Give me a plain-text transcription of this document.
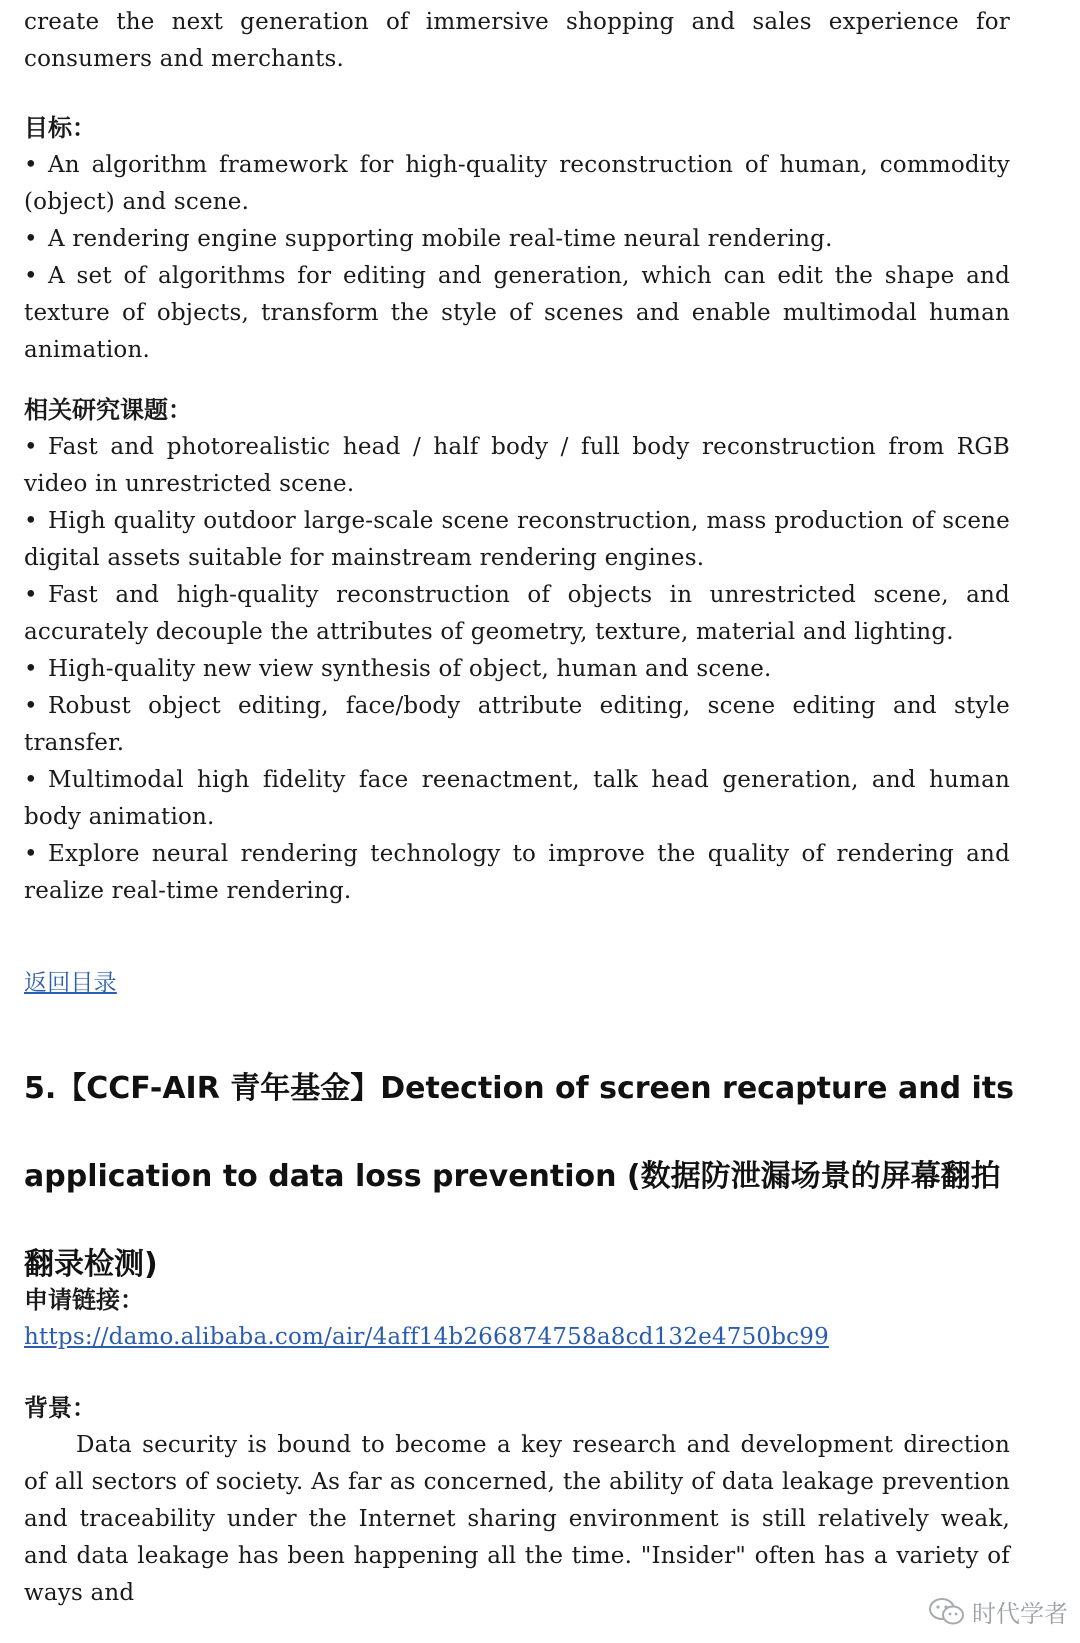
create the next generation of immersive shopping and sales experience for consumers and merchants.

目标：

• An algorithm framework for high-quality reconstruction of human, commodity (object) and scene.

• A rendering engine supporting mobile real-time neural rendering.

• A set of algorithms for editing and generation, which can edit the shape and texture of objects, transform the style of scenes and enable multimodal human animation.

相关研究课题：

• Fast and photorealistic head / half body / full body reconstruction from RGB video in unrestricted scene.

• High quality outdoor large-scale scene reconstruction, mass production of scene digital assets suitable for mainstream rendering engines.

• Fast and high-quality reconstruction of objects in unrestricted scene, and accurately decouple the attributes of geometry, texture, material and lighting.

• High-quality new view synthesis of object, human and scene.

• Robust object editing, face/body attribute editing, scene editing and style transfer.

• Multimodal high fidelity face reenactment, talk head generation, and human body animation.

• Explore neural rendering technology to improve the quality of rendering and realize real-time rendering.

返回目录
5.【CCF-AIR 青年基金】Detection of screen recapture and its application to data loss prevention (数据防泄漏场景的屏幕翻拍翻录检测)
申请链接：
https://damo.alibaba.com/air/4aff14b266874758a8cd132e4750bc99
背景：

Data security is bound to become a key research and development direction of all sectors of society. As far as concerned, the ability of data leakage prevention and traceability under the Internet sharing environment is still relatively weak, and data leakage has been happening all the time. "Insider" often has a variety of ways and

时代学者
